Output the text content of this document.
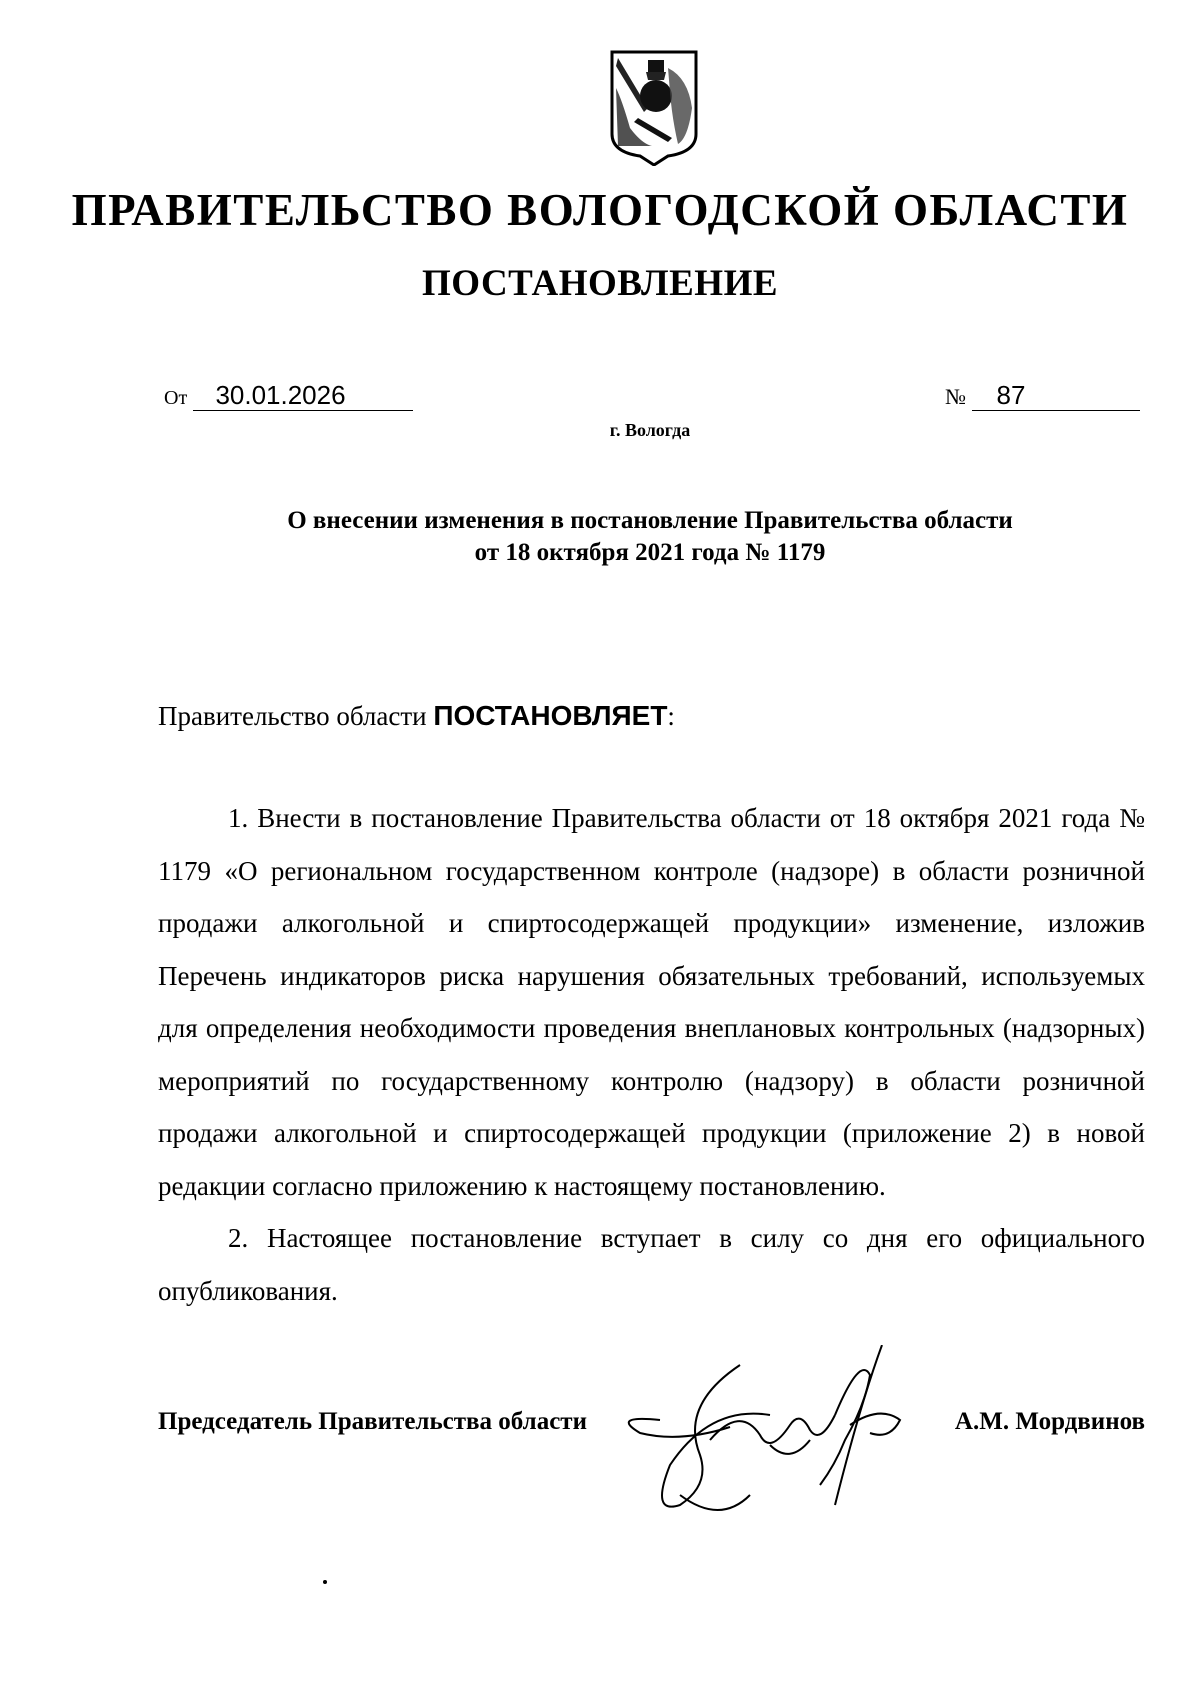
ПРАВИТЕЛЬСТВО ВОЛОГОДСКОЙ ОБЛАСТИ
ПОСТАНОВЛЕНИЕ
От 30.01.2026	№ 87
г. Вологда
О внесении изменения в постановление Правительства области
от 18 октября 2021 года № 1179
Правительство области ПОСТАНОВЛЯЕТ:

1. Внести в постановление Правительства области от 18 октября 2021 года № 1179 «О региональном государственном контроле (надзоре) в области розничной продажи алкогольной и спиртосодержащей продукции» изменение, изложив Перечень индикаторов риска нарушения обязательных требований, используемых для определения необходимости проведения внеплановых контрольных (надзорных) мероприятий по государственному контролю (надзору) в области розничной продажи алкогольной и спиртосодержащей продукции (приложение 2) в новой редакции согласно приложению к настоящему постановлению.

2. Настоящее постановление вступает в силу со дня его официального опубликования.

Председатель Правительства области	А.М. Мордвинов
